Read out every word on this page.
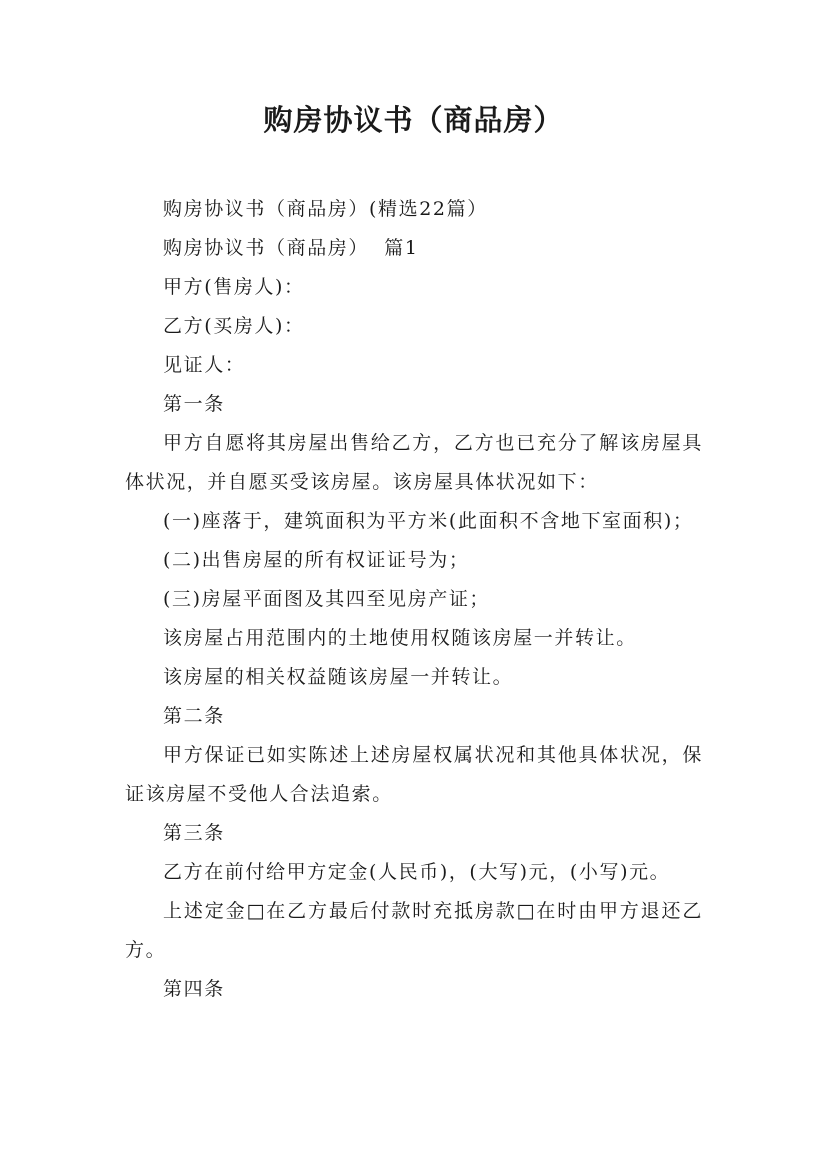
购房协议书（商品房）

购房协议书（商品房）(精选22篇）

购房协议书（商品房）  篇1

甲方(售房人)：

乙方(买房人)：

见证人：

第一条

甲方自愿将其房屋出售给乙方，乙方也已充分了解该房屋具体状况，并自愿买受该房屋。该房屋具体状况如下：

(一)座落于，建筑面积为平方米(此面积不含地下室面积)；

(二)出售房屋的所有权证证号为；

(三)房屋平面图及其四至见房产证；

该房屋占用范围内的土地使用权随该房屋一并转让。

该房屋的相关权益随该房屋一并转让。

第二条

甲方保证已如实陈述上述房屋权属状况和其他具体状况，保证该房屋不受他人合法追索。

第三条

乙方在前付给甲方定金(人民币)，(大写)元，(小写)元。

上述定金□在乙方最后付款时充抵房款□在时由甲方退还乙方。

第四条
